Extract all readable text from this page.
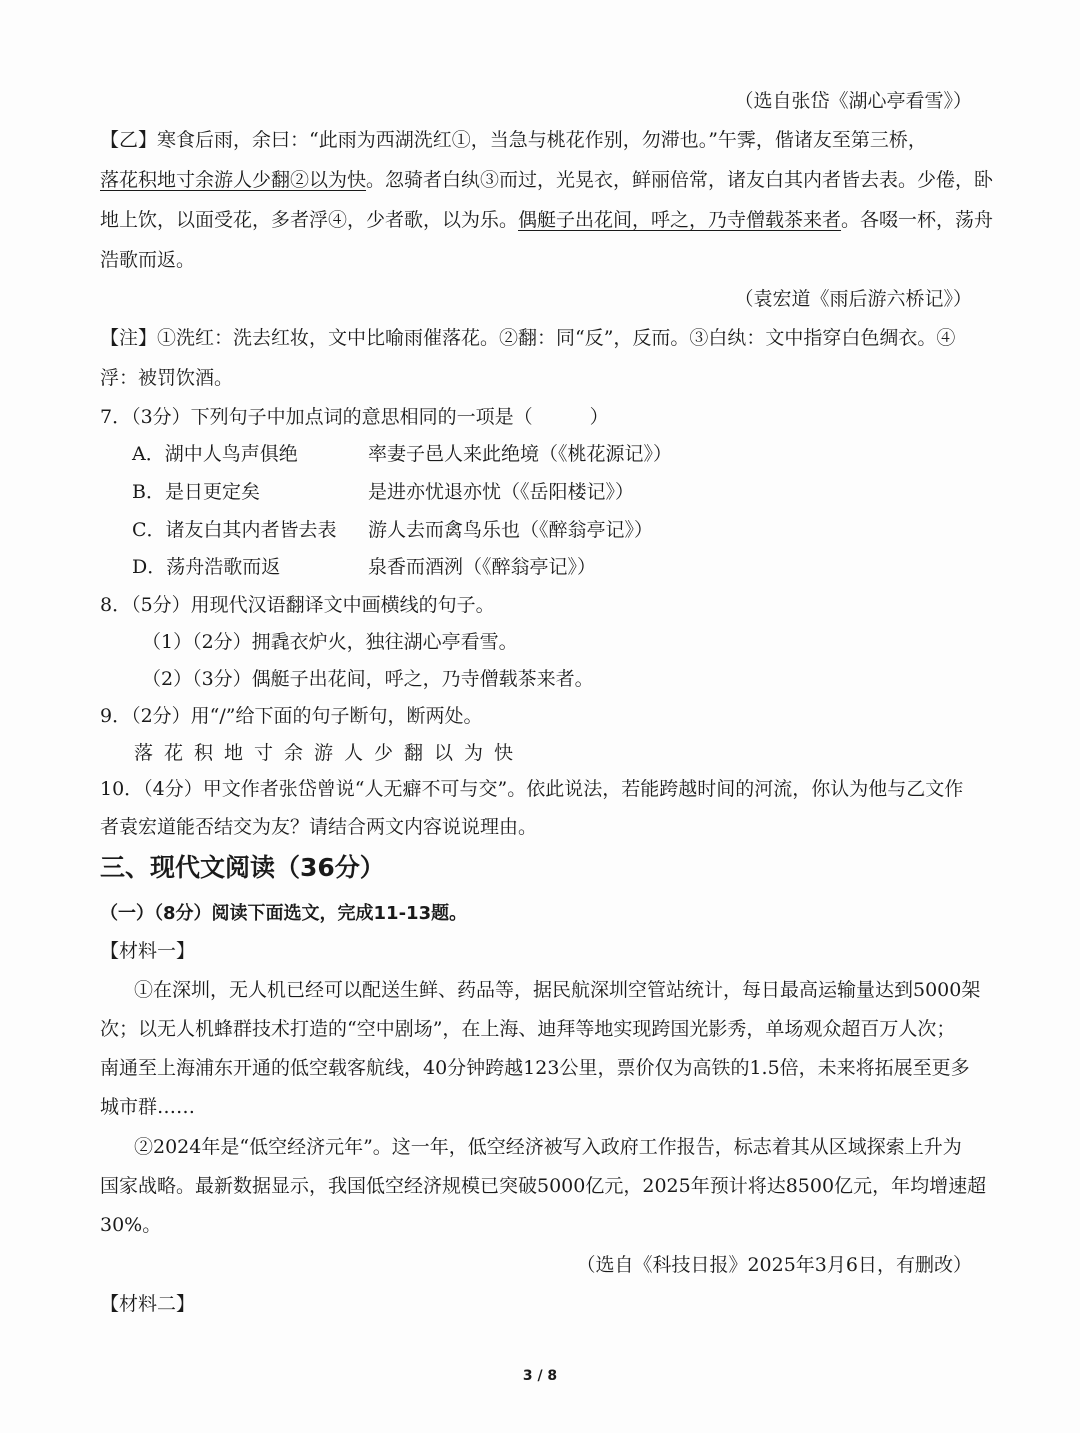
（选自张岱《湖心亭看雪》）
【乙】寒食后雨，余曰：“此雨为西湖洗红①，当急与桃花作别，勿滞也。”午霁，偕诸友至第三桥，
落花积地寸余游人少翻②以为快。忽骑者白纨③而过，光晃衣，鲜丽倍常，诸友白其内者皆去表。少倦，卧
地上饮，以面受花，多者浮④，少者歌，以为乐。偶艇子出花间，呼之，乃寺僧载茶来者。各啜一杯，荡舟
浩歌而返。
（袁宏道《雨后游六桥记》）
【注】①洗红：洗去红妆，文中比喻雨催落花。②翻：同“反”，反而。③白纨：文中指穿白色绸衣。④
浮：被罚饮酒。
7．（3分）下列句子中加点词的意思相同的一项是（　　　）
A．湖中人鸟声俱绝	率妻子邑人来此绝境（《桃花源记》）
B．是日更定矣	是进亦忧退亦忧（《岳阳楼记》）
C．诸友白其内者皆去表 游人去而禽鸟乐也（《醉翁亭记》）
D．荡舟浩歌而返	泉香而酒洌（《醉翁亭记》）
8．（5分）用现代汉语翻译文中画横线的句子。
（1）（2分）拥毳衣炉火，独往湖心亭看雪。
（2）（3分）偶艇子出花间，呼之，乃寺僧载茶来者。
9．（2分）用“/”给下面的句子断句，断两处。
落花积地寸余游人少翻以为快
10．（4分）甲文作者张岱曾说“人无癖不可与交”。依此说法，若能跨越时间的河流，你认为他与乙文作
者袁宏道能否结交为友？请结合两文内容说说理由。
三、现代文阅读（36分）
（一）（8分）阅读下面选文，完成11-13题。
【材料一】
①在深圳，无人机已经可以配送生鲜、药品等，据民航深圳空管站统计，每日最高运输量达到5000架
次；以无人机蜂群技术打造的“空中剧场”，在上海、迪拜等地实现跨国光影秀，单场观众超百万人次；
南通至上海浦东开通的低空载客航线，40分钟跨越123公里，票价仅为高铁的1.5倍，未来将拓展至更多
城市群……
②2024年是“低空经济元年”。这一年，低空经济被写入政府工作报告，标志着其从区域探索上升为
国家战略。最新数据显示，我国低空经济规模已突破5000亿元，2025年预计将达8500亿元，年均增速超
30%。
（选自《科技日报》2025年3月6日，有删改）
【材料二】
3 / 8
